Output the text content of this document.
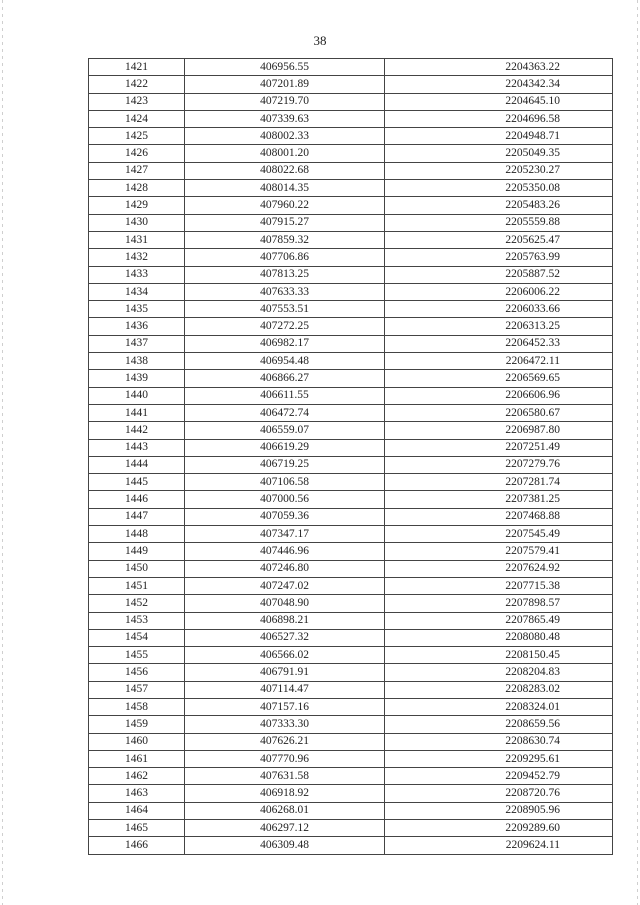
38
1421	406956.55	2204363.22
1422	407201.89	2204342.34
1423	407219.70	2204645.10
1424	407339.63	2204696.58
1425	408002.33	2204948.71
1426	408001.20	2205049.35
1427	408022.68	2205230.27
1428	408014.35	2205350.08
1429	407960.22	2205483.26
1430	407915.27	2205559.88
1431	407859.32	2205625.47
1432	407706.86	2205763.99
1433	407813.25	2205887.52
1434	407633.33	2206006.22
1435	407553.51	2206033.66
1436	407272.25	2206313.25
1437	406982.17	2206452.33
1438	406954.48	2206472.11
1439	406866.27	2206569.65
1440	406611.55	2206606.96
1441	406472.74	2206580.67
1442	406559.07	2206987.80
1443	406619.29	2207251.49
1444	406719.25	2207279.76
1445	407106.58	2207281.74
1446	407000.56	2207381.25
1447	407059.36	2207468.88
1448	407347.17	2207545.49
1449	407446.96	2207579.41
1450	407246.80	2207624.92
1451	407247.02	2207715.38
1452	407048.90	2207898.57
1453	406898.21	2207865.49
1454	406527.32	2208080.48
1455	406566.02	2208150.45
1456	406791.91	2208204.83
1457	407114.47	2208283.02
1458	407157.16	2208324.01
1459	407333.30	2208659.56
1460	407626.21	2208630.74
1461	407770.96	2209295.61
1462	407631.58	2209452.79
1463	406918.92	2208720.76
1464	406268.01	2208905.96
1465	406297.12	2209289.60
1466	406309.48	2209624.11
